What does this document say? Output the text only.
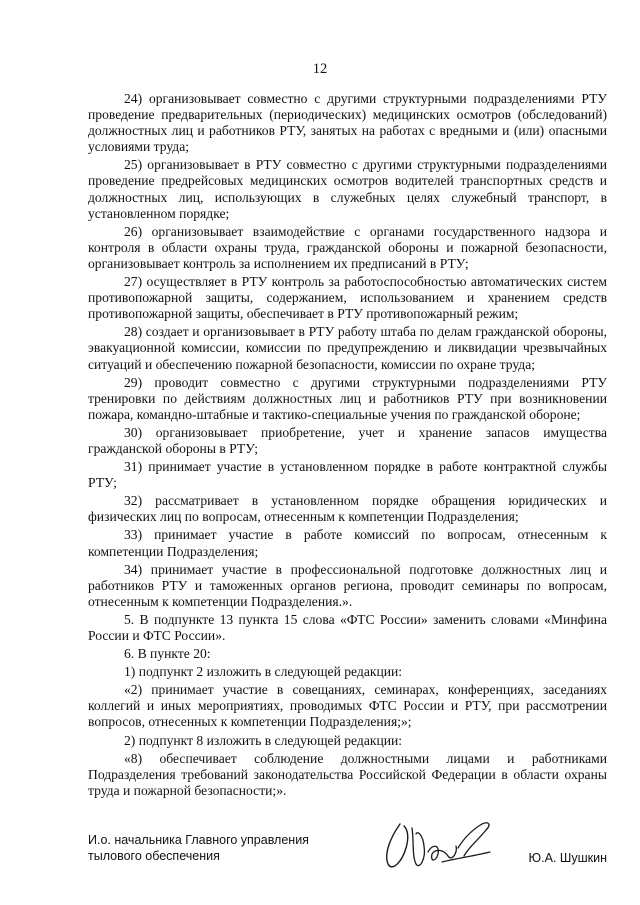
12

24) организовывает совместно с другими структурными подразделениями РТУ проведение предварительных (периодических) медицинских осмотров (обследований) должностных лиц и работников РТУ, занятых на работах с вредными и (или) опасными условиями труда;

25) организовывает в РТУ совместно с другими структурными подразделениями проведение предрейсовых медицинских осмотров водителей транспортных средств и должностных лиц, использующих в служебных целях служебный транспорт, в установленном порядке;

26) организовывает взаимодействие с органами государственного надзора и контроля в области охраны труда, гражданской обороны и пожарной безопасности, организовывает контроль за исполнением их предписаний в РТУ;

27) осуществляет в РТУ контроль за работоспособностью автоматических систем противопожарной защиты, содержанием, использованием и хранением средств противопожарной защиты, обеспечивает в РТУ противопожарный режим;

28) создает и организовывает в РТУ работу штаба по делам гражданской обороны, эвакуационной комиссии, комиссии по предупреждению и ликвидации чрезвычайных ситуаций и обеспечению пожарной безопасности, комиссии по охране труда;

29) проводит совместно с другими структурными подразделениями РТУ тренировки по действиям должностных лиц и работников РТУ при возникновении пожара, командно-штабные и тактико-специальные учения по гражданской обороне;

30) организовывает приобретение, учет и хранение запасов имущества гражданской обороны в РТУ;

31) принимает участие в установленном порядке в работе контрактной службы РТУ;

32) рассматривает в установленном порядке обращения юридических и физических лиц по вопросам, отнесенным к компетенции Подразделения;

33) принимает участие в работе комиссий по вопросам, отнесенным к компетенции Подразделения;

34) принимает участие в профессиональной подготовке должностных лиц и работников РТУ и таможенных органов региона, проводит семинары по вопросам, отнесенным к компетенции Подразделения.».

5. В подпункте 13 пункта 15 слова «ФТС России» заменить словами «Минфина России и ФТС России».

6. В пункте 20:

1) подпункт 2 изложить в следующей редакции:

«2) принимает участие в совещаниях, семинарах, конференциях, заседаниях коллегий и иных мероприятиях, проводимых ФТС России и РТУ, при рассмотрении вопросов, отнесенных к компетенции Подразделения;»;

2) подпункт 8 изложить в следующей редакции:

«8) обеспечивает соблюдение должностными лицами и работниками Подразделения требований законодательства Российской Федерации в области охраны труда и пожарной безопасности;».

И.о. начальника Главного управления
тылового обеспечения	Ю.А. Шушкин
